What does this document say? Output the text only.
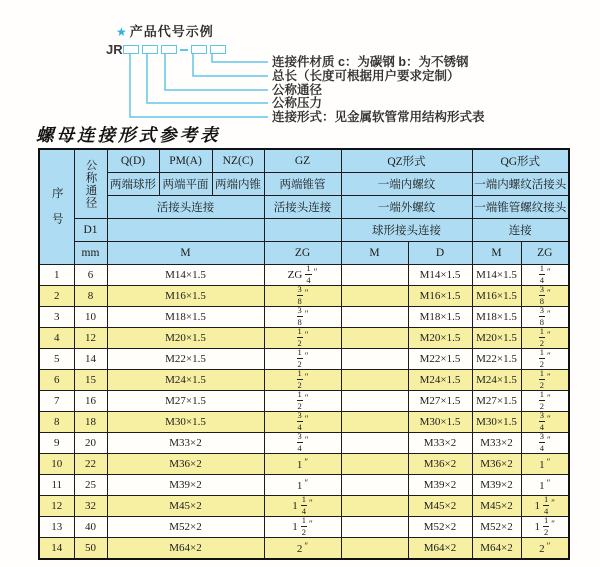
★ 产品代号示例
JR
连接件材质 c：为碳钢 b：为不锈钢
总长（长度可根据用户要求定制）
公称通径
公称压力
连接形式：见金属软管常用结构形式表
螺母连接形式参考表
序号	公称通径	Q(D)	PM(A)	NZ(C)	GZ	QZ形式		QG形式	
		两端球形	两端平面	两端内锥	两端锥管	一端内螺纹		一端内螺纹活接头	
		活接头连接			活接头连接	一端外螺纹		一端锥管螺纹接头	
	D1					球形接头连接		连接	
	mm	M			ZG	M	D	M	ZG
1	6	M14×1.5			ZG $\frac{1}{4} ''$		M14×1.5	M14×1.5	$\frac{1}{4} ''$
2	8	M16×1.5			$\frac{3}{8} ''$		M16×1.5	M16×1.5	$\frac{3}{8} ''$
3	10	M18×1.5			$\frac{3}{8} ''$		M18×1.5	M18×1.5	$\frac{3}{8} ''$
4	12	M20×1.5			$\frac{1}{2} ''$		M20×1.5	M20×1.5	$\frac{1}{2} ''$
5	14	M22×1.5			$\frac{1}{2} ''$		M22×1.5	M22×1.5	$\frac{1}{2} ''$
6	15	M24×1.5			$\frac{1}{2} ''$		M24×1.5	M24×1.5	$\frac{1}{2} ''$
7	16	M27×1.5			$\frac{1}{2} ''$		M27×1.5	M27×1.5	$\frac{1}{2} ''$
8	18	M30×1.5			$\frac{3}{4} ''$		M30×1.5	M30×1.5	$\frac{3}{4} ''$
9	20	M33×2			$\frac{3}{4} ''$		M33×2	M33×2	$\frac{3}{4} ''$
10	22	M36×2			1 ″		M36×2	M36×2	1 ″
11	25	M39×2			1 ″		M39×2	M39×2	1 ″
12	32	M45×2			$1 \frac{1}{4} ''$		M45×2	M45×2	$1 \frac{1}{4} ''$
13	40	M52×2			$1 \frac{1}{2} ''$		M52×2	M52×2	$1 \frac{1}{2} ''$
14	50	M64×2			2 ″		M64×2	M64×2	2 ″
